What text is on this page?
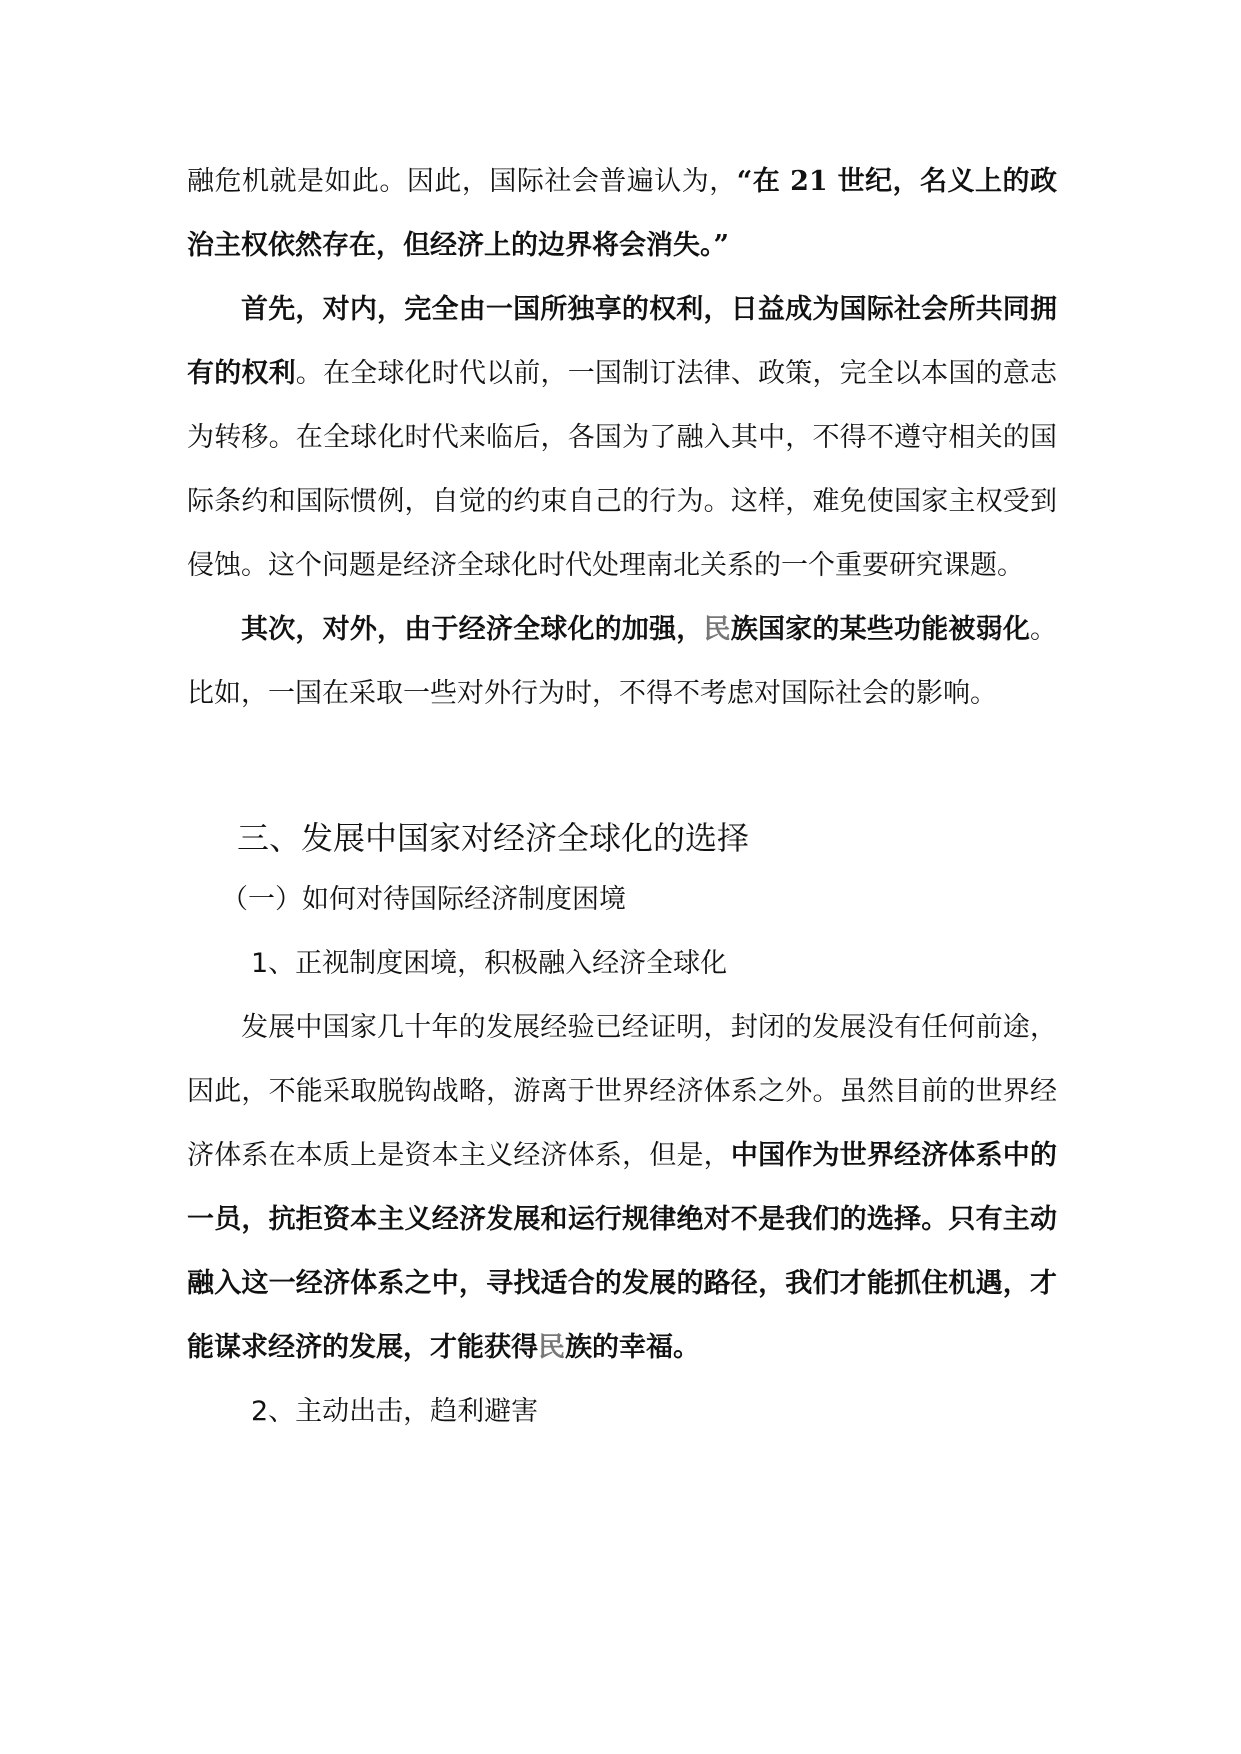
融危机就是如此。因此，国际社会普遍认为，“在 21 世纪，名义上的政治主权依然存在，但经济上的边界将会消失。”

首先，对内，完全由一国所独享的权利，日益成为国际社会所共同拥有的权利。在全球化时代以前，一国制订法律、政策，完全以本国的意志为转移。在全球化时代来临后，各国为了融入其中，不得不遵守相关的国际条约和国际惯例，自觉的约束自己的行为。这样，难免使国家主权受到侵蚀。这个问题是经济全球化时代处理南北关系的一个重要研究课题。

其次，对外，由于经济全球化的加强，民族国家的某些功能被弱化。比如，一国在采取一些对外行为时，不得不考虑对国际社会的影响。

三、发展中国家对经济全球化的选择
（一）如何对待国际经济制度困境
1、正视制度困境，积极融入经济全球化

发展中国家几十年的发展经验已经证明，封闭的发展没有任何前途，因此，不能采取脱钩战略，游离于世界经济体系之外。虽然目前的世界经济体系在本质上是资本主义经济体系，但是，中国作为世界经济体系中的一员，抗拒资本主义经济发展和运行规律绝对不是我们的选择。只有主动融入这一经济体系之中，寻找适合的发展的路径，我们才能抓住机遇，才能谋求经济的发展，才能获得民族的幸福。

2、主动出击，趋利避害
